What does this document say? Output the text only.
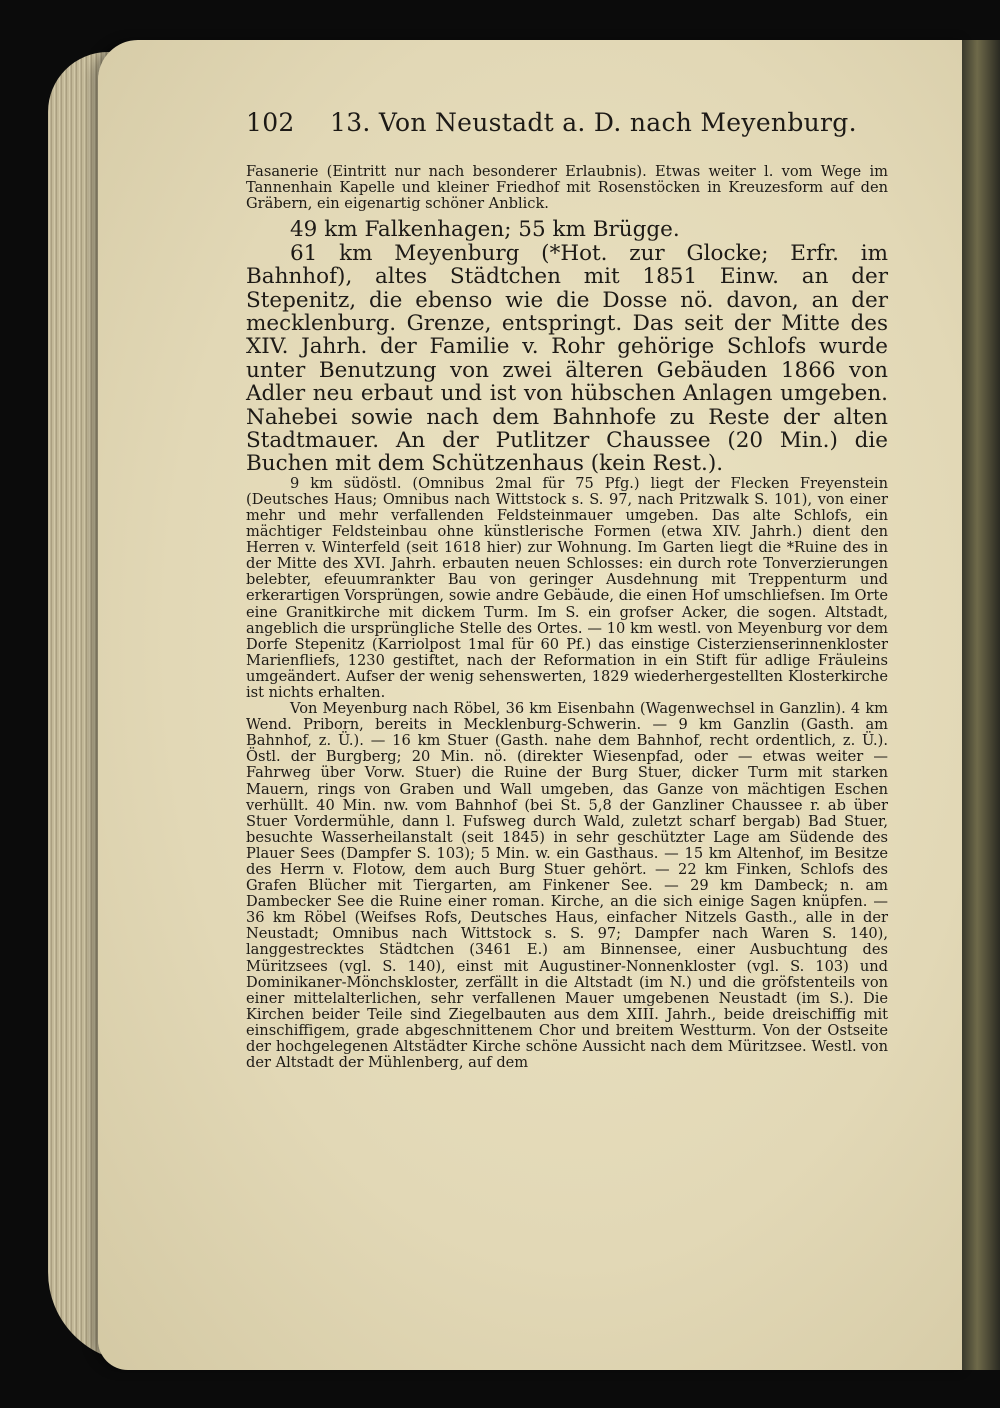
102	13. Von Neustadt a. D. nach Meyenburg.

Fasanerie (Eintritt nur nach besonderer Erlaubnis). Etwas weiter l. vom Wege im Tannenhain Kapelle und kleiner Friedhof mit Rosenstöcken in Kreuzesform auf den Gräbern, ein eigenartig schöner Anblick.

49 km Falkenhagen; 55 km Brügge.

61 km Meyenburg (*Hot. zur Glocke; Erfr. im Bahnhof), altes Städtchen mit 1851 Einw. an der Stepenitz, die ebenso wie die Dosse nö. davon, an der mecklenburg. Grenze, entspringt. Das seit der Mitte des XIV. Jahrh. der Familie v. Rohr gehörige Schlofs wurde unter Benutzung von zwei älteren Gebäuden 1866 von Adler neu erbaut und ist von hübschen Anlagen umgeben. Nahebei sowie nach dem Bahnhofe zu Reste der alten Stadtmauer. An der Putlitzer Chaussee (20 Min.) die Buchen mit dem Schützenhaus (kein Rest.).

9 km südöstl. (Omnibus 2mal für 75 Pfg.) liegt der Flecken Freyenstein (Deutsches Haus; Omnibus nach Wittstock s. S. 97, nach Pritzwalk S. 101), von einer mehr und mehr verfallenden Feldsteinmauer umgeben. Das alte Schlofs, ein mächtiger Feldsteinbau ohne künstlerische Formen (etwa XIV. Jahrh.) dient den Herren v. Winterfeld (seit 1618 hier) zur Wohnung. Im Garten liegt die *Ruine des in der Mitte des XVI. Jahrh. erbauten neuen Schlosses: ein durch rote Tonverzierungen belebter, efeuumrankter Bau von geringer Ausdehnung mit Treppenturm und erkerartigen Vorsprüngen, sowie andre Gebäude, die einen Hof umschliefsen. Im Orte eine Granitkirche mit dickem Turm. Im S. ein grofser Acker, die sogen. Altstadt, angeblich die ursprüngliche Stelle des Ortes. — 10 km westl. von Meyenburg vor dem Dorfe Stepenitz (Karriolpost 1mal für 60 Pf.) das einstige Cisterzienserinnenkloster Marienfliefs, 1230 gestiftet, nach der Reformation in ein Stift für adlige Fräuleins umgeändert. Aufser der wenig sehenswerten, 1829 wiederhergestellten Klosterkirche ist nichts erhalten.

Von Meyenburg nach Röbel, 36 km Eisenbahn (Wagenwechsel in Ganzlin). 4 km Wend. Priborn, bereits in Mecklenburg-Schwerin. — 9 km Ganzlin (Gasth. am Bahnhof, z. Ü.). — 16 km Stuer (Gasth. nahe dem Bahnhof, recht ordentlich, z. Ü.). Östl. der Burgberg; 20 Min. nö. (direkter Wiesenpfad, oder — etwas weiter — Fahrweg über Vorw. Stuer) die Ruine der Burg Stuer, dicker Turm mit starken Mauern, rings von Graben und Wall umgeben, das Ganze von mächtigen Eschen verhüllt. 40 Min. nw. vom Bahnhof (bei St. 5,8 der Ganzliner Chaussee r. ab über Stuer Vordermühle, dann l. Fufsweg durch Wald, zuletzt scharf bergab) Bad Stuer, besuchte Wasserheilanstalt (seit 1845) in sehr geschützter Lage am Südende des Plauer Sees (Dampfer S. 103); 5 Min. w. ein Gasthaus. — 15 km Altenhof, im Besitze des Herrn v. Flotow, dem auch Burg Stuer gehört. — 22 km Finken, Schlofs des Grafen Blücher mit Tiergarten, am Finkener See. — 29 km Dambeck; n. am Dambecker See die Ruine einer roman. Kirche, an die sich einige Sagen knüpfen. — 36 km Röbel (Weifses Rofs, Deutsches Haus, einfacher Nitzels Gasth., alle in der Neustadt; Omnibus nach Wittstock s. S. 97; Dampfer nach Waren S. 140), langgestrecktes Städtchen (3461 E.) am Binnensee, einer Ausbuchtung des Müritzsees (vgl. S. 140), einst mit Augustiner-Nonnenkloster (vgl. S. 103) und Dominikaner-Mönchskloster, zerfällt in die Altstadt (im N.) und die gröfstenteils von einer mittelalterlichen, sehr verfallenen Mauer umgebenen Neustadt (im S.). Die Kirchen beider Teile sind Ziegelbauten aus dem XIII. Jahrh., beide dreischiffig mit einschiffigem, grade abgeschnittenem Chor und breitem Westturm. Von der Ostseite der hochgelegenen Altstädter Kirche schöne Aussicht nach dem Müritzsee. Westl. von der Altstadt der Mühlenberg, auf dem
